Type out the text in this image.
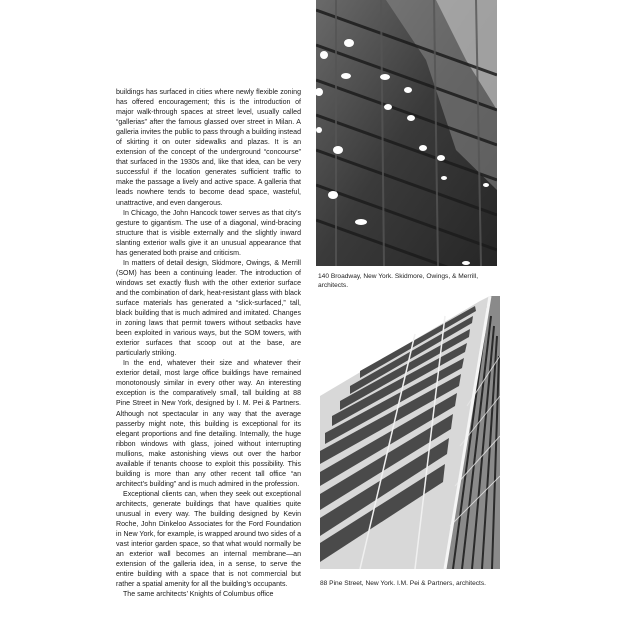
buildings has surfaced in cities where newly flexible zoning has offered encouragement; this is the introduction of major walk-through spaces at street level, usually called “gallerias” after the famous glassed over street in Milan. A galleria invites the public to pass through a building instead of skirting it on outer sidewalks and plazas. It is an extension of the concept of the underground “concourse” that surfaced in the 1930s and, like that idea, can be very successful if the location generates sufficient traffic to make the passage a lively and active space. A galleria that leads nowhere tends to become dead space, wasteful, unattractive, and even dangerous.

In Chicago, the John Hancock tower serves as that city’s gesture to gigantism. The use of a diagonal, wind-bracing structure that is visible externally and the slightly inward slanting exterior walls give it an unusual appearance that has generated both praise and criticism.

In matters of detail design, Skidmore, Owings, & Merrill (SOM) has been a continuing leader. The introduction of windows set exactly flush with the other exterior surface and the combination of dark, heat-resistant glass with black surface materials has generated a “slick-surfaced,” tall, black building that is much admired and imitated. Changes in zoning laws that permit towers without setbacks have been exploited in various ways, but the SOM towers, with exterior surfaces that scoop out at the base, are particularly striking.

In the end, whatever their size and whatever their exterior detail, most large office buildings have remained monotonously similar in every other way. An interesting exception is the comparatively small, tall building at 88 Pine Street in New York, designed by I. M. Pei & Partners. Although not spectacular in any way that the average passerby might note, this building is exceptional for its elegant proportions and fine detailing. Internally, the huge ribbon windows with glass, joined without interrupting mullions, make astonishing views out over the harbor available if tenants choose to exploit this possibility. This building is more than any other recent tall office “an architect’s building” and is much admired in the profession.

Exceptional clients can, when they seek out exceptional architects, generate buildings that have qualities quite unusual in every way. The building designed by Kevin Roche, John Dinkeloo Associates for the Ford Foundation in New York, for example, is wrapped around two sides of a vast interior garden space, so that what would normally be an exterior wall becomes an internal membrane—an extension of the galleria idea, in a sense, to serve the entire building with a space that is not commercial but rather a spatial amenity for all the building’s occupants.

The same architects’ Knights of Columbus office

140 Broadway, New York. Skidmore, Owings, & Merrill, architects.
88 Pine Street, New York. I.M. Pei & Partners, architects.
